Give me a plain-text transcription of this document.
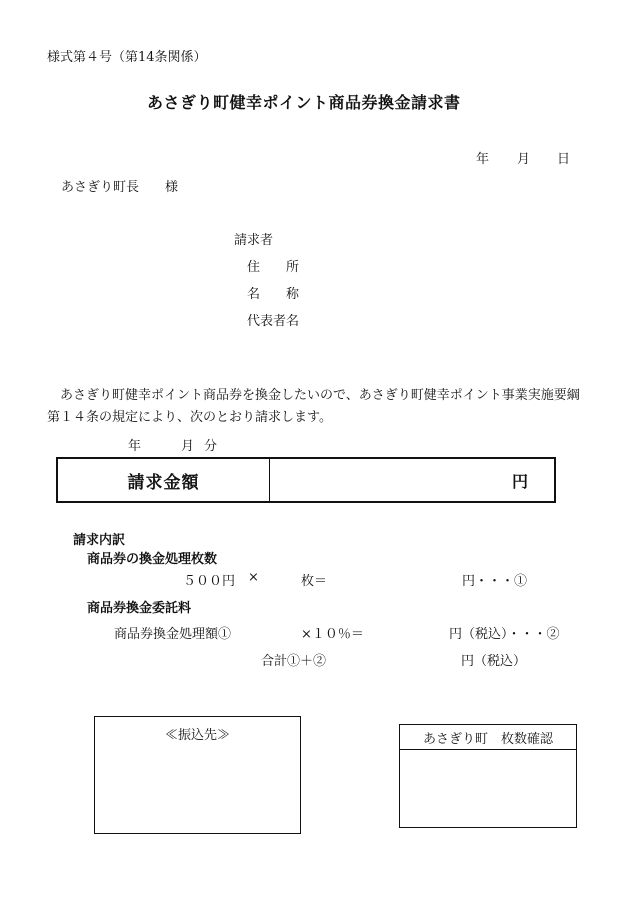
様式第４号（第14条関係）
あさぎり町健幸ポイント商品券換金請求書
年 月 日
あさぎり町長　　様
請求者
住　　所
名　　称
代表者名
あさぎり町健幸ポイント商品券を換金したいので、あさぎり町健幸ポイント事業実施要綱第１４条の規定により、次のとおり請求します。
年	月 分
請求金額	円
請求内訳
商品券の換金処理枚数
５００円 ×	枚＝	円・・・①
商品券換金委託料
商品券換金処理額①	×１０％＝	円（税込）・・・②
合計①＋②	円（税込）
≪振込先≫	あさぎり町　枚数確認
